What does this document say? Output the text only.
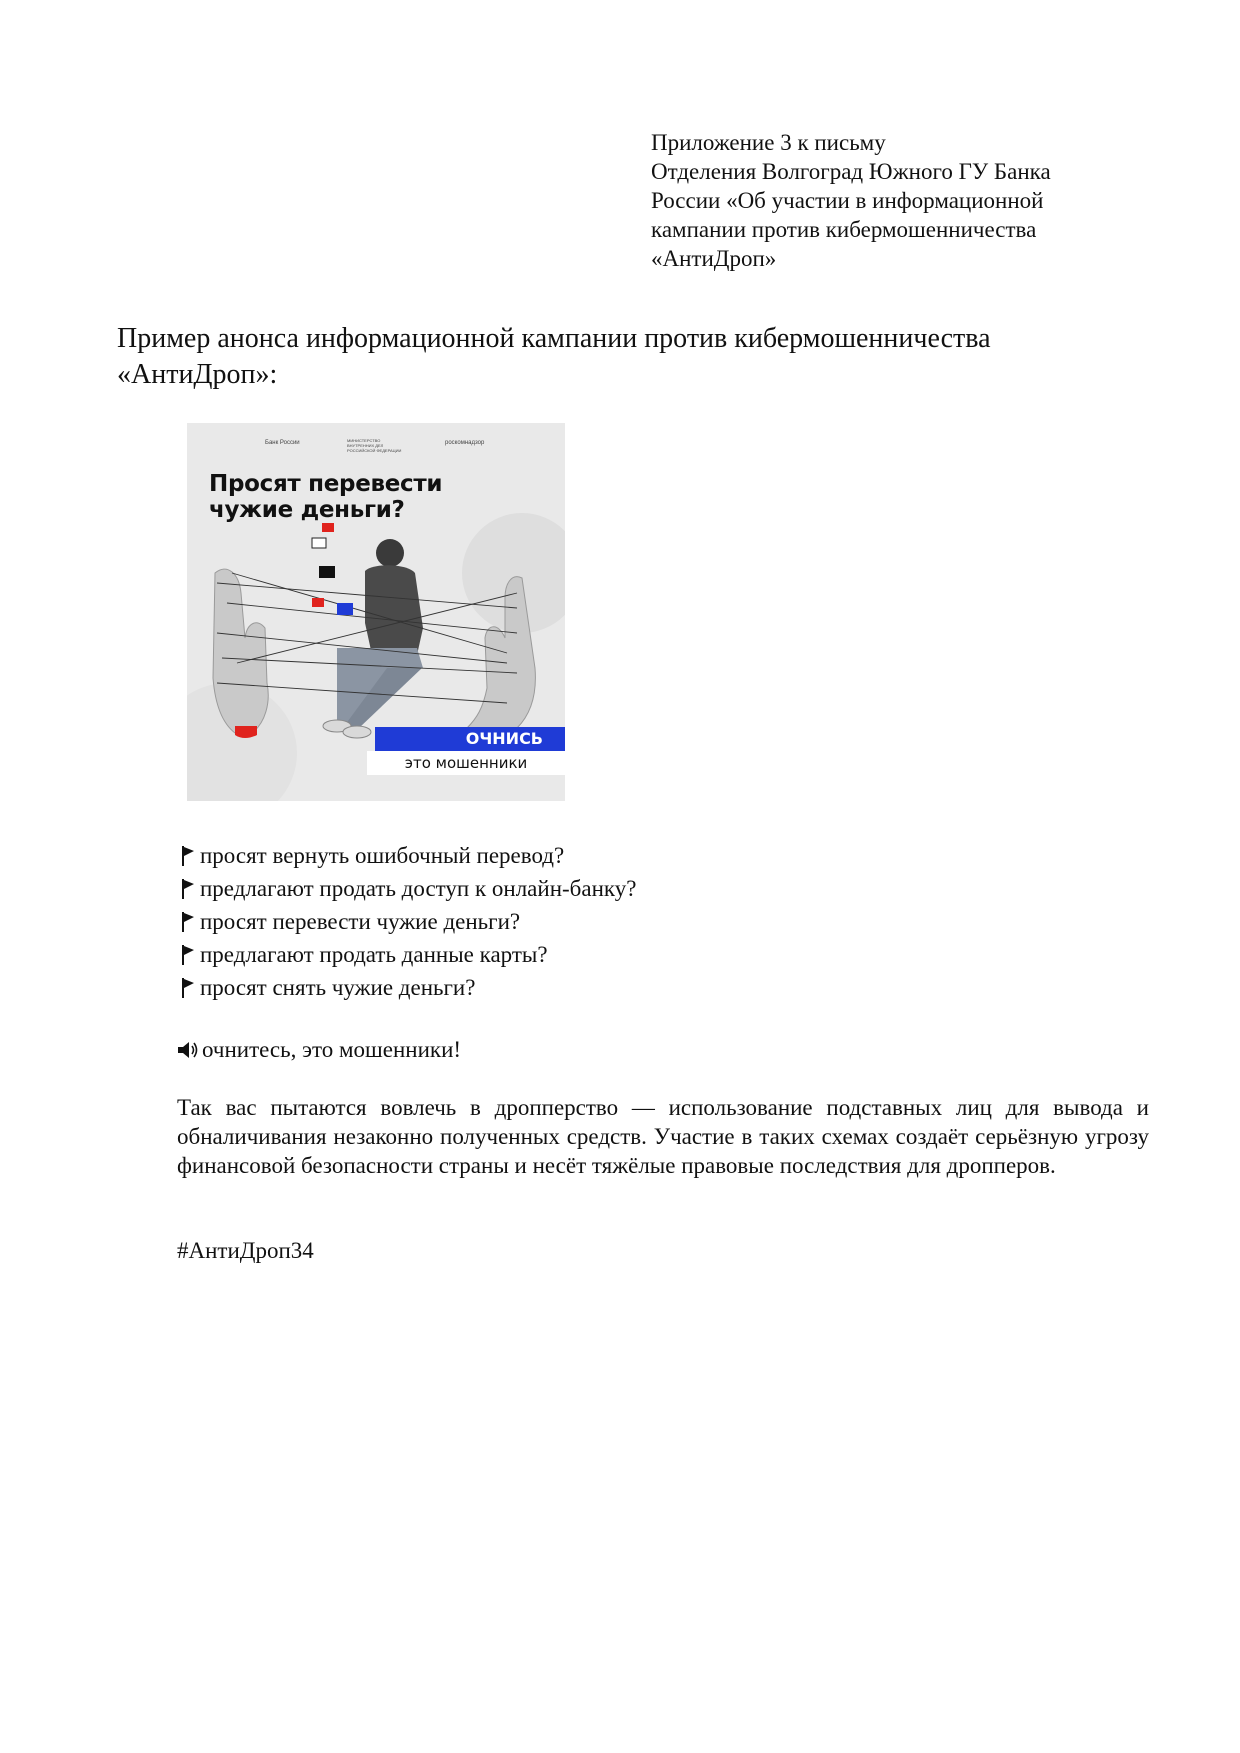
Приложение 3 к письму
Отделения Волгоград Южного ГУ Банка
России «Об участии в информационной
кампании против кибермошенничества
«АнтиДроп»
Пример анонса информационной кампании против кибермошенничества «АнтиДроп»:
Банк России	МИНИСТЕРСТВО ВНУТРЕННИХ ДЕЛ РОССИЙСКОЙ ФЕДЕРАЦИИ
роскомнадзор
Просят перевести
чужие деньги?
ОЧНИСЬ
это мошенники
просят вернуть ошибочный перевод?
предлагают продать доступ к онлайн-банку?
просят перевести чужие деньги?
предлагают продать данные карты?
просят снять чужие деньги?
очнитесь, это мошенники!
Так вас пытаются вовлечь в дропперство — использование подставных лиц для вывода и обналичивания незаконно полученных средств. Участие в таких схемах создаёт серьёзную угрозу финансовой безопасности страны и несёт тяжёлые правовые последствия для дропперов.
#АнтиДроп34
